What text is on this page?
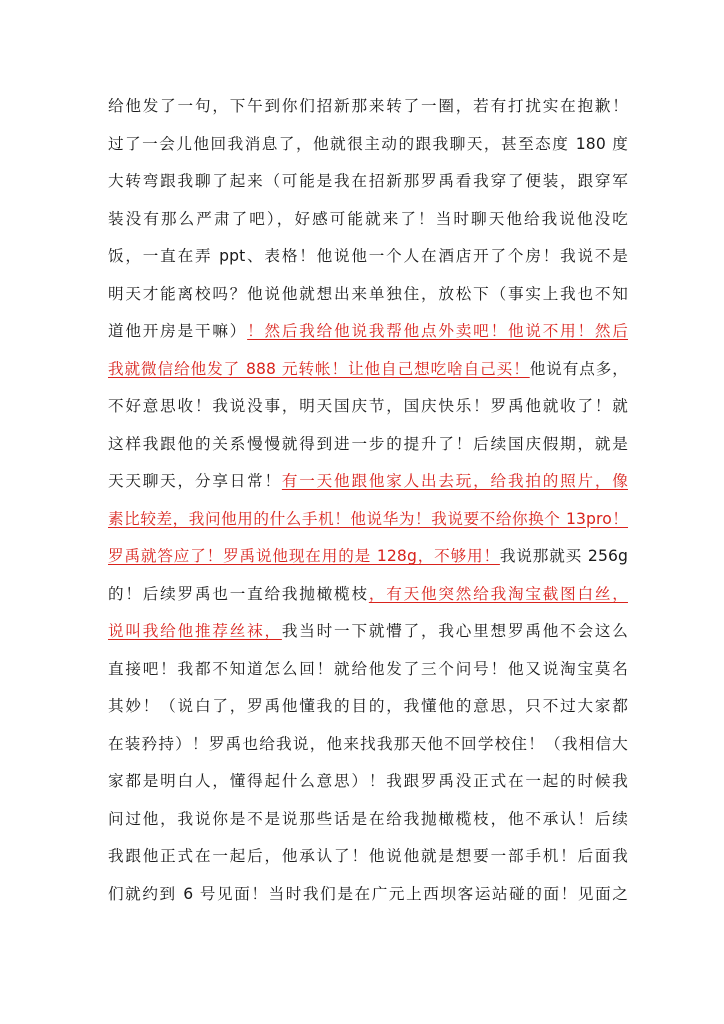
给他发了一句，下午到你们招新那来转了一圈，若有打扰实在抱歉！
过了一会儿他回我消息了，他就很主动的跟我聊天，甚至态度 180 度
大转弯跟我聊了起来（可能是我在招新那罗禹看我穿了便装，跟穿军
装没有那么严肃了吧），好感可能就来了！当时聊天他给我说他没吃
饭，一直在弄 ppt、表格！他说他一个人在酒店开了个房！我说不是
明天才能离校吗？他说他就想出来单独住，放松下（事实上我也不知
道他开房是干嘛）！然后我给他说我帮他点外卖吧！他说不用！然后
我就微信给他发了 888 元转帐！让他自己想吃啥自己买！他说有点多，
不好意思收！我说没事，明天国庆节，国庆快乐！罗禹他就收了！就
这样我跟他的关系慢慢就得到进一步的提升了！后续国庆假期，就是
天天聊天，分享日常！有一天他跟他家人出去玩，给我拍的照片，像
素比较差，我问他用的什么手机！他说华为！我说要不给你换个 13pro！
罗禹就答应了！罗禹说他现在用的是 128g，不够用！我说那就买 256g
的！后续罗禹也一直给我抛橄榄枝，有天他突然给我淘宝截图白丝，
说叫我给他推荐丝袜，我当时一下就懵了，我心里想罗禹他不会这么
直接吧！我都不知道怎么回！就给他发了三个问号！他又说淘宝莫名
其妙！（说白了，罗禹他懂我的目的，我懂他的意思，只不过大家都
在装矜持）！罗禹也给我说，他来找我那天他不回学校住！（我相信大
家都是明白人，懂得起什么意思）！我跟罗禹没正式在一起的时候我
问过他，我说你是不是说那些话是在给我抛橄榄枝，他不承认！后续
我跟他正式在一起后，他承认了！他说他就是想要一部手机！后面我
们就约到 6 号见面！当时我们是在广元上西坝客运站碰的面！见面之
